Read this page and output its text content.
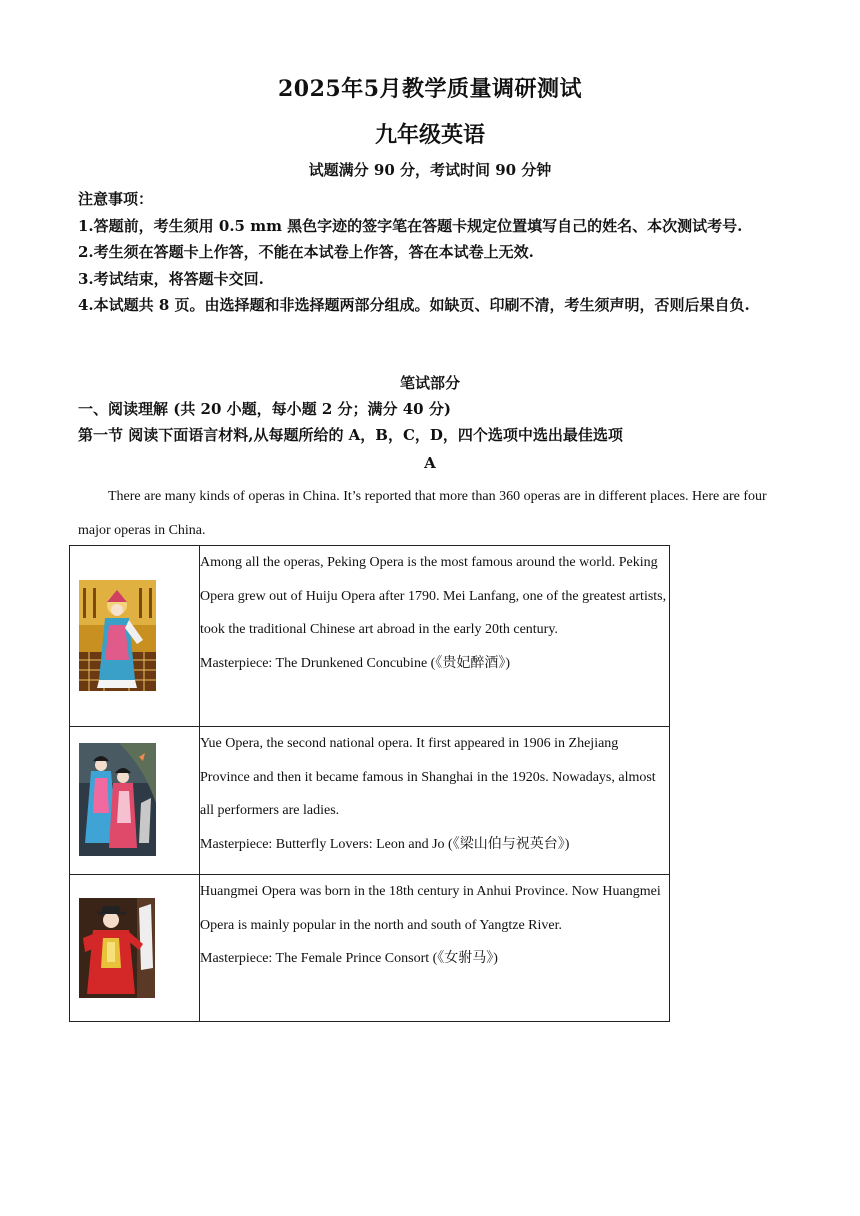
2025年5月教学质量调研测试
九年级英语
试题满分 90 分，考试时间 90 分钟

注意事项：

1.答题前，考生须用 0.5 mm 黑色字迹的签字笔在答题卡规定位置填写自己的姓名、本次测试考号.

2.考生须在答题卡上作答，不能在本试卷上作答，答在本试卷上无效.

3.考试结束，将答题卡交回.

4.本试题共 8 页。由选择题和非选择题两部分组成。如缺页、印刷不清，考生须声明，否则后果自负.

笔试部分
一、阅读理解 (共 20 小题，每小题 2 分；满分 40 分)
第一节 阅读下面语言材料,从每题所给的 A，B，C，D，四个选项中选出最佳选项
A
There are many kinds of operas in China. It’s reported that more than 360 operas are in different places. Here are four major operas in China.

Among all the operas, Peking Opera is the most famous around the world. Peking Opera grew out of Huiju Opera after 1790. Mei Lanfang, one of the greatest artists, took the traditional Chinese art abroad in the early 20th century.

Masterpiece: The Drunkened Concubine (《贵妃醉酒》)

Yue Opera, the second national opera. It first appeared in 1906 in Zhejiang Province and then it became famous in Shanghai in the 1920s. Nowadays, almost all performers are ladies.

Masterpiece: Butterfly Lovers: Leon and Jo (《梁山伯与祝英台》)

Huangmei Opera was born in the 18th century in Anhui Province. Now Huangmei Opera is mainly popular in the north and south of Yangtze River.

Masterpiece: The Female Prince Consort (《女驸马》)
